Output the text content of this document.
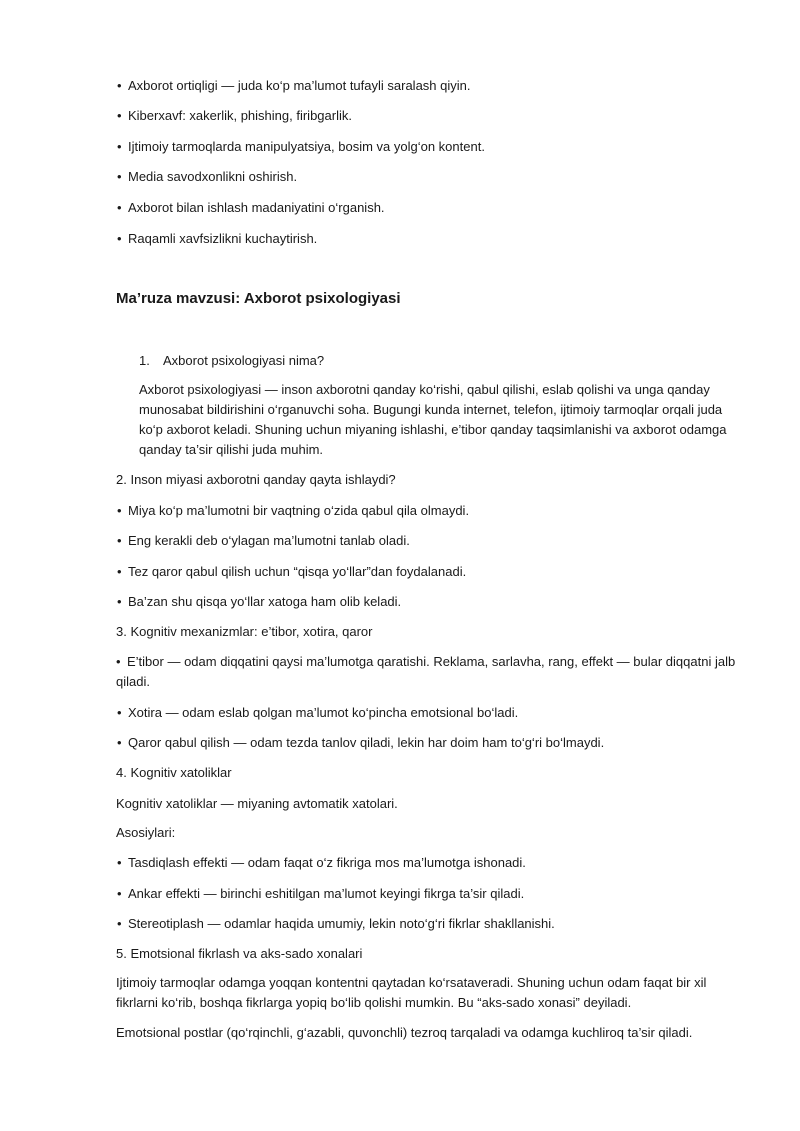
• Axborot ortiqligi — juda ko‘p ma’lumot tufayli saralash qiyin.
• Kiberxavf: xakerlik, phishing, firibgarlik.
• Ijtimoiy tarmoqlarda manipulyatsiya, bosim va yolg‘on kontent.
• Media savodxonlikni oshirish.
• Axborot bilan ishlash madaniyatini o‘rganish.
• Raqamli xavfsizlikni kuchaytirish.
Ma’ruza mavzusi: Axborot psixologiyasi
1. Axborot psixologiyasi nima?
Axborot psixologiyasi — inson axborotni qanday ko‘rishi, qabul qilishi, eslab qolishi va unga qanday munosabat bildirishini o‘rganuvchi soha. Bugungi kunda internet, telefon, ijtimoiy tarmoqlar orqali juda ko‘p axborot keladi. Shuning uchun miyaning ishlashi, e’tibor qanday taqsimlanishi va axborot odamga qanday ta’sir qilishi juda muhim.
2. Inson miyasi axborotni qanday qayta ishlaydi?
• Miya ko‘p ma’lumotni bir vaqtning o‘zida qabul qila olmaydi.
• Eng kerakli deb o‘ylagan ma’lumotni tanlab oladi.
• Tez qaror qabul qilish uchun “qisqa yo‘llar”dan foydalanadi.
• Ba’zan shu qisqa yo‘llar xatoga ham olib keladi.
3. Kognitiv mexanizmlar: e’tibor, xotira, qaror
• E’tibor — odam diqqatini qaysi ma’lumotga qaratishi. Reklama, sarlavha, rang, effekt — bular diqqatni jalb qiladi.
• Xotira — odam eslab qolgan ma’lumot ko‘pincha emotsional bo‘ladi.
• Qaror qabul qilish — odam tezda tanlov qiladi, lekin har doim ham to‘g‘ri bo‘lmaydi.
4. Kognitiv xatoliklar
Kognitiv xatoliklar — miyaning avtomatik xatolari.
Asosiylari:
• Tasdiqlash effekti — odam faqat o‘z fikriga mos ma’lumotga ishonadi.
• Ankar effekti — birinchi eshitilgan ma’lumot keyingi fikrga ta’sir qiladi.
• Stereotiplash — odamlar haqida umumiy, lekin noto‘g‘ri fikrlar shakllanishi.
5. Emotsional fikrlash va aks-sado xonalari
Ijtimoiy tarmoqlar odamga yoqqan kontentni qaytadan ko‘rsataveradi. Shuning uchun odam faqat bir xil fikrlarni ko‘rib, boshqa fikrlarga yopiq bo‘lib qolishi mumkin. Bu “aks-sado xonasi” deyiladi.
Emotsional postlar (qo‘rqinchli, g‘azabli, quvonchli) tezroq tarqaladi va odamga kuchliroq ta’sir qiladi.
